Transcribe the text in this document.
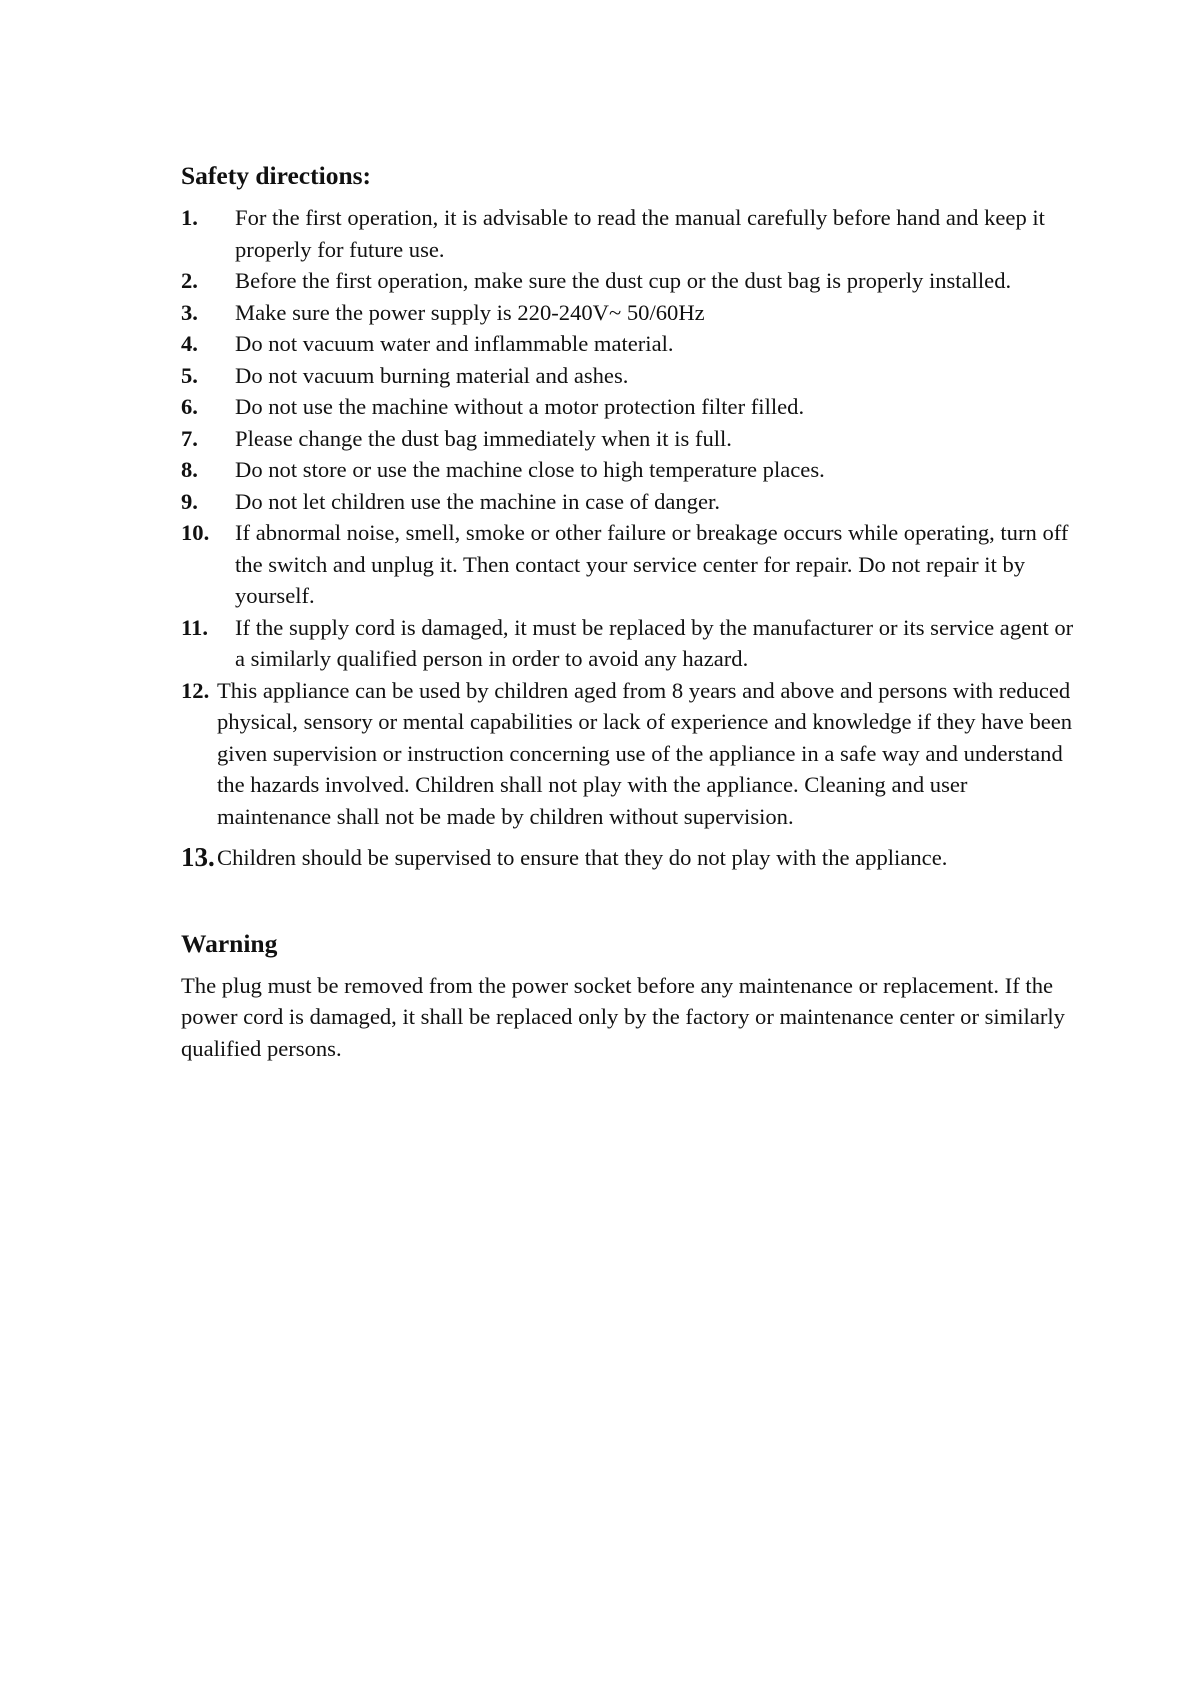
Safety directions:
1.	For the first operation, it is advisable to read the manual carefully before hand and keep it properly for future use.
2.	Before the first operation, make sure the dust cup or the dust bag is properly installed.
3.	Make sure the power supply is 220-240V~ 50/60Hz
4.	Do not vacuum water and inflammable material.
5.	Do not vacuum burning material and ashes.
6.	Do not use the machine without a motor protection filter filled.
7.	Please change the dust bag immediately when it is full.
8.	Do not store or use the machine close to high temperature places.
9.	Do not let children use the machine in case of danger.
10.	If abnormal noise, smell, smoke or other failure or breakage occurs while operating, turn off the switch and unplug it. Then contact your service center for repair. Do not repair it by yourself.
11.	If the supply cord is damaged, it must be replaced by the manufacturer or its service agent or a similarly qualified person in order to avoid any hazard.
12. This appliance can be used by children aged from 8 years and above and persons with reduced physical, sensory or mental capabilities or lack of experience and knowledge if they have been given supervision or instruction concerning use of the appliance in a safe way and understand the hazards involved. Children shall not play with the appliance. Cleaning and user maintenance shall not be made by children without supervision.
13. Children should be supervised to ensure that they do not play with the appliance.
Warning

The plug must be removed from the power socket before any maintenance or replacement. If the power cord is damaged, it shall be replaced only by the factory or maintenance center or similarly qualified persons.
